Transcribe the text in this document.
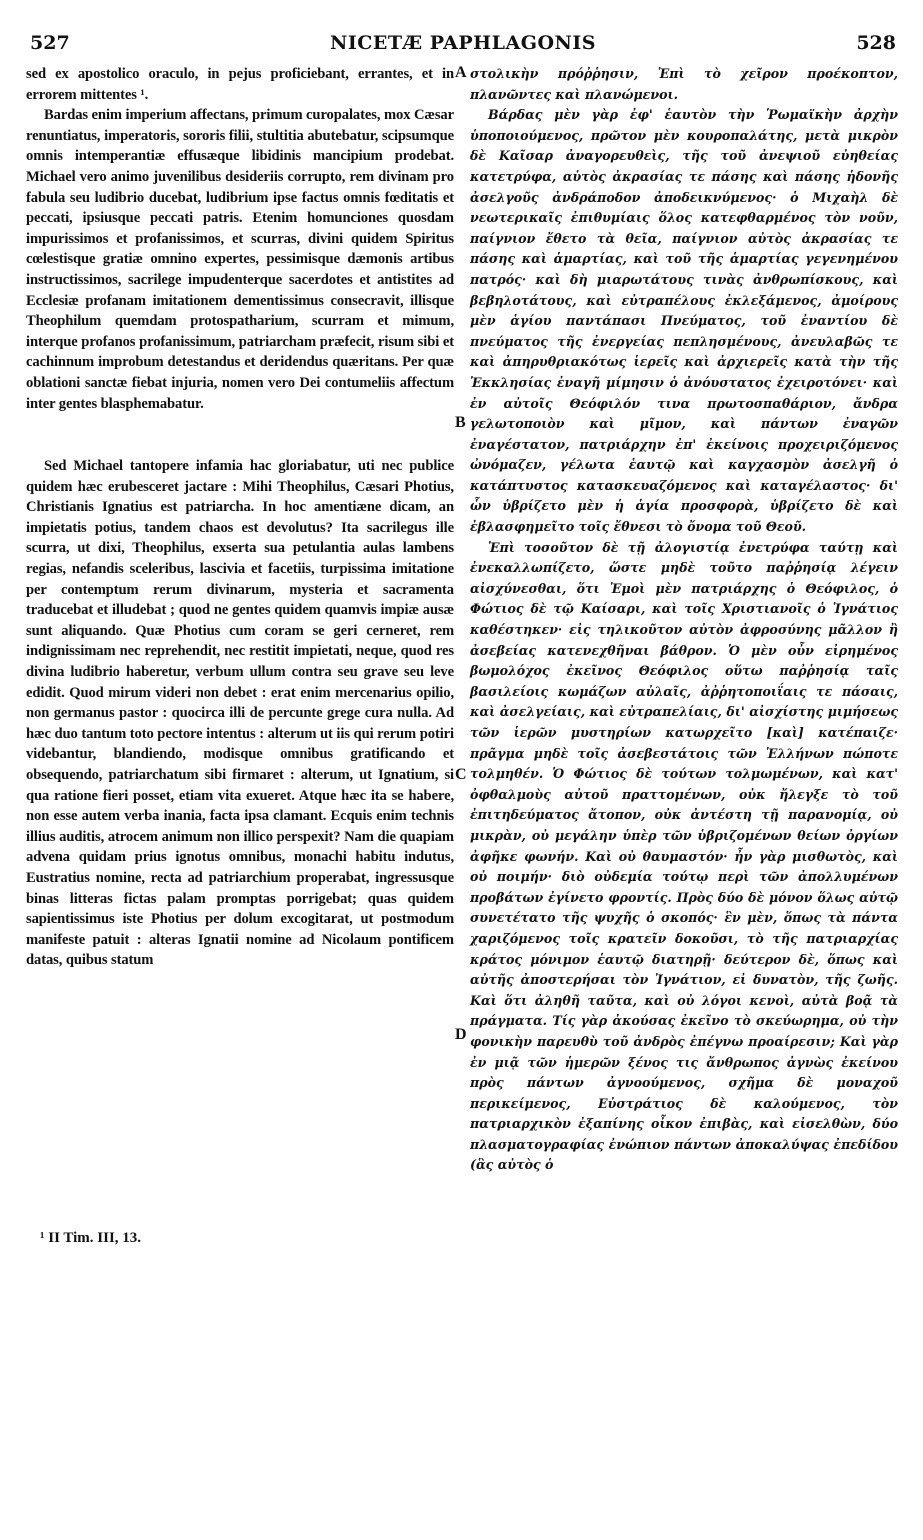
527	NICETÆ PAPHLAGONIS	528

sed ex apostolico oraculo, in pejus proficiebant, errantes, et in errorem mittentes ¹.

Bardas enim imperium affectans, primum curopalates, mox Cæsar renuntiatus, imperatoris, sororis filii, stultitia abutebatur, scipsumque omnis intemperantiæ effusæque libidinis mancipium prodebat. Michael vero animo juvenilibus desideriis corrupto, rem divinam pro fabula seu ludibrio ducebat, ludibrium ipse factus omnis fœditatis et peccati, ipsiusque peccati patris. Etenim homunciones quosdam impurissimos et profanissimos, et scurras, divini quidem Spiritus cœlestisque gratiæ omnino expertes, pessimisque dæmonis artibus instructissimos, sacrilege impudenterque sacerdotes et antistites ad Ecclesiæ profanam imitationem dementissimus consecravit, illisque Theophilum quemdam protospatharium, scurram et mimum, interque profanos profanissimum, patriarcham præfecit, risum sibi et cachinnum improbum detestandus et deridendus quæritans. Per quæ oblationi sanctæ fiebat injuria, nomen vero Dei contumeliis affectum inter gentes blasphemabatur.

Sed Michael tantopere infamia hac gloriabatur, uti nec publice quidem hæc erubesceret jactare : Mihi Theophilus, Cæsari Photius, Christianis Ignatius est patriarcha. In hoc amentiæne dicam, an impietatis potius, tandem chaos est devolutus? Ita sacrilegus ille scurra, ut dixi, Theophilus, exserta sua petulantia aulas lambens regias, nefandis sceleribus, lascivia et facetiis, turpissima imitatione per contemptum rerum divinarum, mysteria et sacramenta traducebat et illudebat ; quod ne gentes quidem quamvis impiæ ausæ sunt aliquando. Quæ Photius cum coram se geri cerneret, rem indignissimam nec reprehendit, nec restitit impietati, neque, quod res divina ludibrio haberetur, verbum ullum contra seu grave seu leve edidit. Quod mirum videri non debet : erat enim mercenarius opilio, non germanus pastor : quocirca illi de percunte grege cura nulla. Ad hæc duo tantum toto pectore intentus : alterum ut iis qui rerum potiri videbantur, blandiendo, modisque omnibus gratificando et obsequendo, patriarchatum sibi firmaret : alterum, ut Ignatium, si qua ratione fieri posset, etiam vita exueret. Atque hæc ita se habere, non esse autem verba inania, facta ipsa clamant. Ecquis enim technis illius auditis, atrocem animum non illico perspexit? Nam die quapiam advena quidam prius ignotus omnibus, monachi habitu indutus, Eustratius nomine, recta ad patriarchium properabat, ingressusque binas litteras fictas palam promptas porrigebat; quas quidem sapientissimus iste Photius per dolum excogitarat, ut postmodum manifeste patuit : alteras Ignatii nomine ad Nicolaum pontificem datas, quibus statum

A
B
C
D

στολικὴν πρόῤῥησιν, Ἐπὶ τὸ χεῖρον προέκοπτον, πλανῶντες καὶ πλανώμενοι.

Βάρδας μὲν γὰρ ἐφ' ἑαυτὸν τὴν Ῥωμαϊκὴν ἀρχὴν ὑποποιούμενος, πρῶτον μὲν κουροπαλάτης, μετὰ μικρὸν δὲ Καῖσαρ ἀναγορευθεὶς, τῆς τοῦ ἀνεψιοῦ εὐηθείας κατετρύφα, αὑτὸς ἀκρασίας τε πάσης καὶ πάσης ἡδονῆς ἀσελγοῦς ἀνδράποδον ἀποδεικνύμενος· ὁ Μιχαὴλ δὲ νεωτερικαῖς ἐπιθυμίαις ὅλος κατεφθαρμένος τὸν νοῦν, παίγνιον ἔθετο τὰ θεῖα, παίγνιον αὐτὸς ἀκρασίας τε πάσης καὶ ἁμαρτίας, καὶ τοῦ τῆς ἁμαρτίας γεγενημένου πατρός· καὶ δὴ μιαρωτάτους τινὰς ἀνθρωπίσκους, καὶ βεβηλοτάτους, καὶ εὐτραπέλους ἐκλεξάμενος, ἀμοίρους μὲν ἁγίου παντάπασι Πνεύματος, τοῦ ἐναντίου δὲ πνεύματος τῆς ἐνεργείας πεπλησμένους, ἀνευλαβῶς τε καὶ ἀπηρυθριακότως ἱερεῖς καὶ ἀρχιερεῖς κατὰ τὴν τῆς Ἐκκλησίας ἐναγῆ μίμησιν ὁ ἀνόυστατος ἐχειροτόνει· καὶ ἐν αὐτοῖς Θεόφιλόν τινα πρωτοσπαθάριον, ἄνδρα γελωτοποιὸν καὶ μῖμον, καὶ πάντων ἐναγῶν ἐναγέστατον, πατριάρχην ἐπ' ἐκείνοις προχειριζόμενος ὠνόμαζεν, γέλωτα ἑαυτῷ καὶ καγχασμὸν ἀσελγῆ ὁ κατάπτυστος κατασκευαζόμενος καὶ καταγέλαστος· δι' ὧν ὑβρίζετο μὲν ἡ ἁγία προσφορὰ, ὑβρίζετο δὲ καὶ ἐβλασφημεῖτο τοῖς ἔθνεσι τὸ ὄνομα τοῦ Θεοῦ.

Ἐπὶ τοσοῦτον δὲ τῇ ἀλογιστίᾳ ἐνετρύφα ταύτῃ καὶ ἐνεκαλλωπίζετο, ὥστε μηδὲ τοῦτο παῤῥησίᾳ λέγειν αἰσχύνεσθαι, ὅτι Ἐμοὶ μὲν πατριάρχης ὁ Θεόφιλος, ὁ Φώτιος δὲ τῷ Καίσαρι, καὶ τοῖς Χριστιανοῖς ὁ Ἰγνάτιος καθέστηκεν· εἰς τηλικοῦτον αὐτὸν ἀφροσύνης μᾶλλον ἢ ἀσεβείας κατενεχθῆναι βάθρον. Ὁ μὲν οὖν εἰρημένος βωμολόχος ἐκεῖνος Θεόφιλος οὕτω παῤῥησίᾳ ταῖς βασιλείοις κωμάζων αὐλαῖς, ἀῤῥητοποιΐαις τε πάσαις, καὶ ἀσελγείαις, καὶ εὐτραπελίαις, δι' αἰσχίστης μιμήσεως τῶν ἱερῶν μυστηρίων κατωρχεῖτο [καὶ] κατέπαιζε· πρᾶγμα μηδὲ τοῖς ἀσεβεστάτοις τῶν Ἑλλήνων πώποτε τολμηθέν. Ὁ Φώτιος δὲ τούτων τολμωμένων, καὶ κατ' ὀφθαλμοὺς αὐτοῦ πραττομένων, οὐκ ἤλεγξε τὸ τοῦ ἐπιτηδεύματος ἄτοπον, οὐκ ἀντέστη τῇ παρανομίᾳ, οὐ μικρὰν, οὐ μεγάλην ὑπὲρ τῶν ὑβριζομένων θείων ὀργίων ἀφῆκε φωνήν. Καὶ οὐ θαυμαστόν· ἦν γὰρ μισθωτὸς, καὶ οὐ ποιμήν· διὸ οὐδεμία τούτῳ περὶ τῶν ἀπολλυμένων προβάτων ἐγίνετο φροντίς. Πρὸς δύο δὲ μόνον ὅλως αὐτῷ συνετέτατο τῆς ψυχῆς ὁ σκοπός· ἓν μὲν, ὅπως τὰ πάντα χαριζόμενος τοῖς κρατεῖν δοκοῦσι, τὸ τῆς πατριαρχίας κράτος μόνιμον ἑαυτῷ διατηρῇ· δεύτερον δὲ, ὅπως καὶ αὐτῆς ἀποστερήσαι τὸν Ἰγνάτιον, εἰ δυνατὸν, τῆς ζωῆς. Καὶ ὅτι ἀληθῆ ταῦτα, καὶ οὐ λόγοι κενοὶ, αὐτὰ βοᾷ τὰ πράγματα. Τίς γὰρ ἀκούσας ἐκεῖνο τὸ σκεύωρημα, οὐ τὴν φονικὴν παρευθὺ τοῦ ἀνδρὸς ἐπέγνω προαίρεσιν; Καὶ γὰρ ἐν μιᾷ τῶν ἡμερῶν ξένος τις ἄνθρωπος ἀγνὼς ἐκείνου πρὸς πάντων ἀγνοούμενος, σχῆμα δὲ μοναχοῦ περικείμενος, Εὐστράτιος δὲ καλούμενος, τὸν πατριαρχικὸν ἐξαπίνης οἶκον ἐπιβὰς, καὶ εἰσελθὼν, δύο πλασματογραφίας ἐνώπιον πάντων ἀποκαλύψας ἐπεδίδου (ἃς αὐτὸς ὁ

¹ II Tim. III, 13.
